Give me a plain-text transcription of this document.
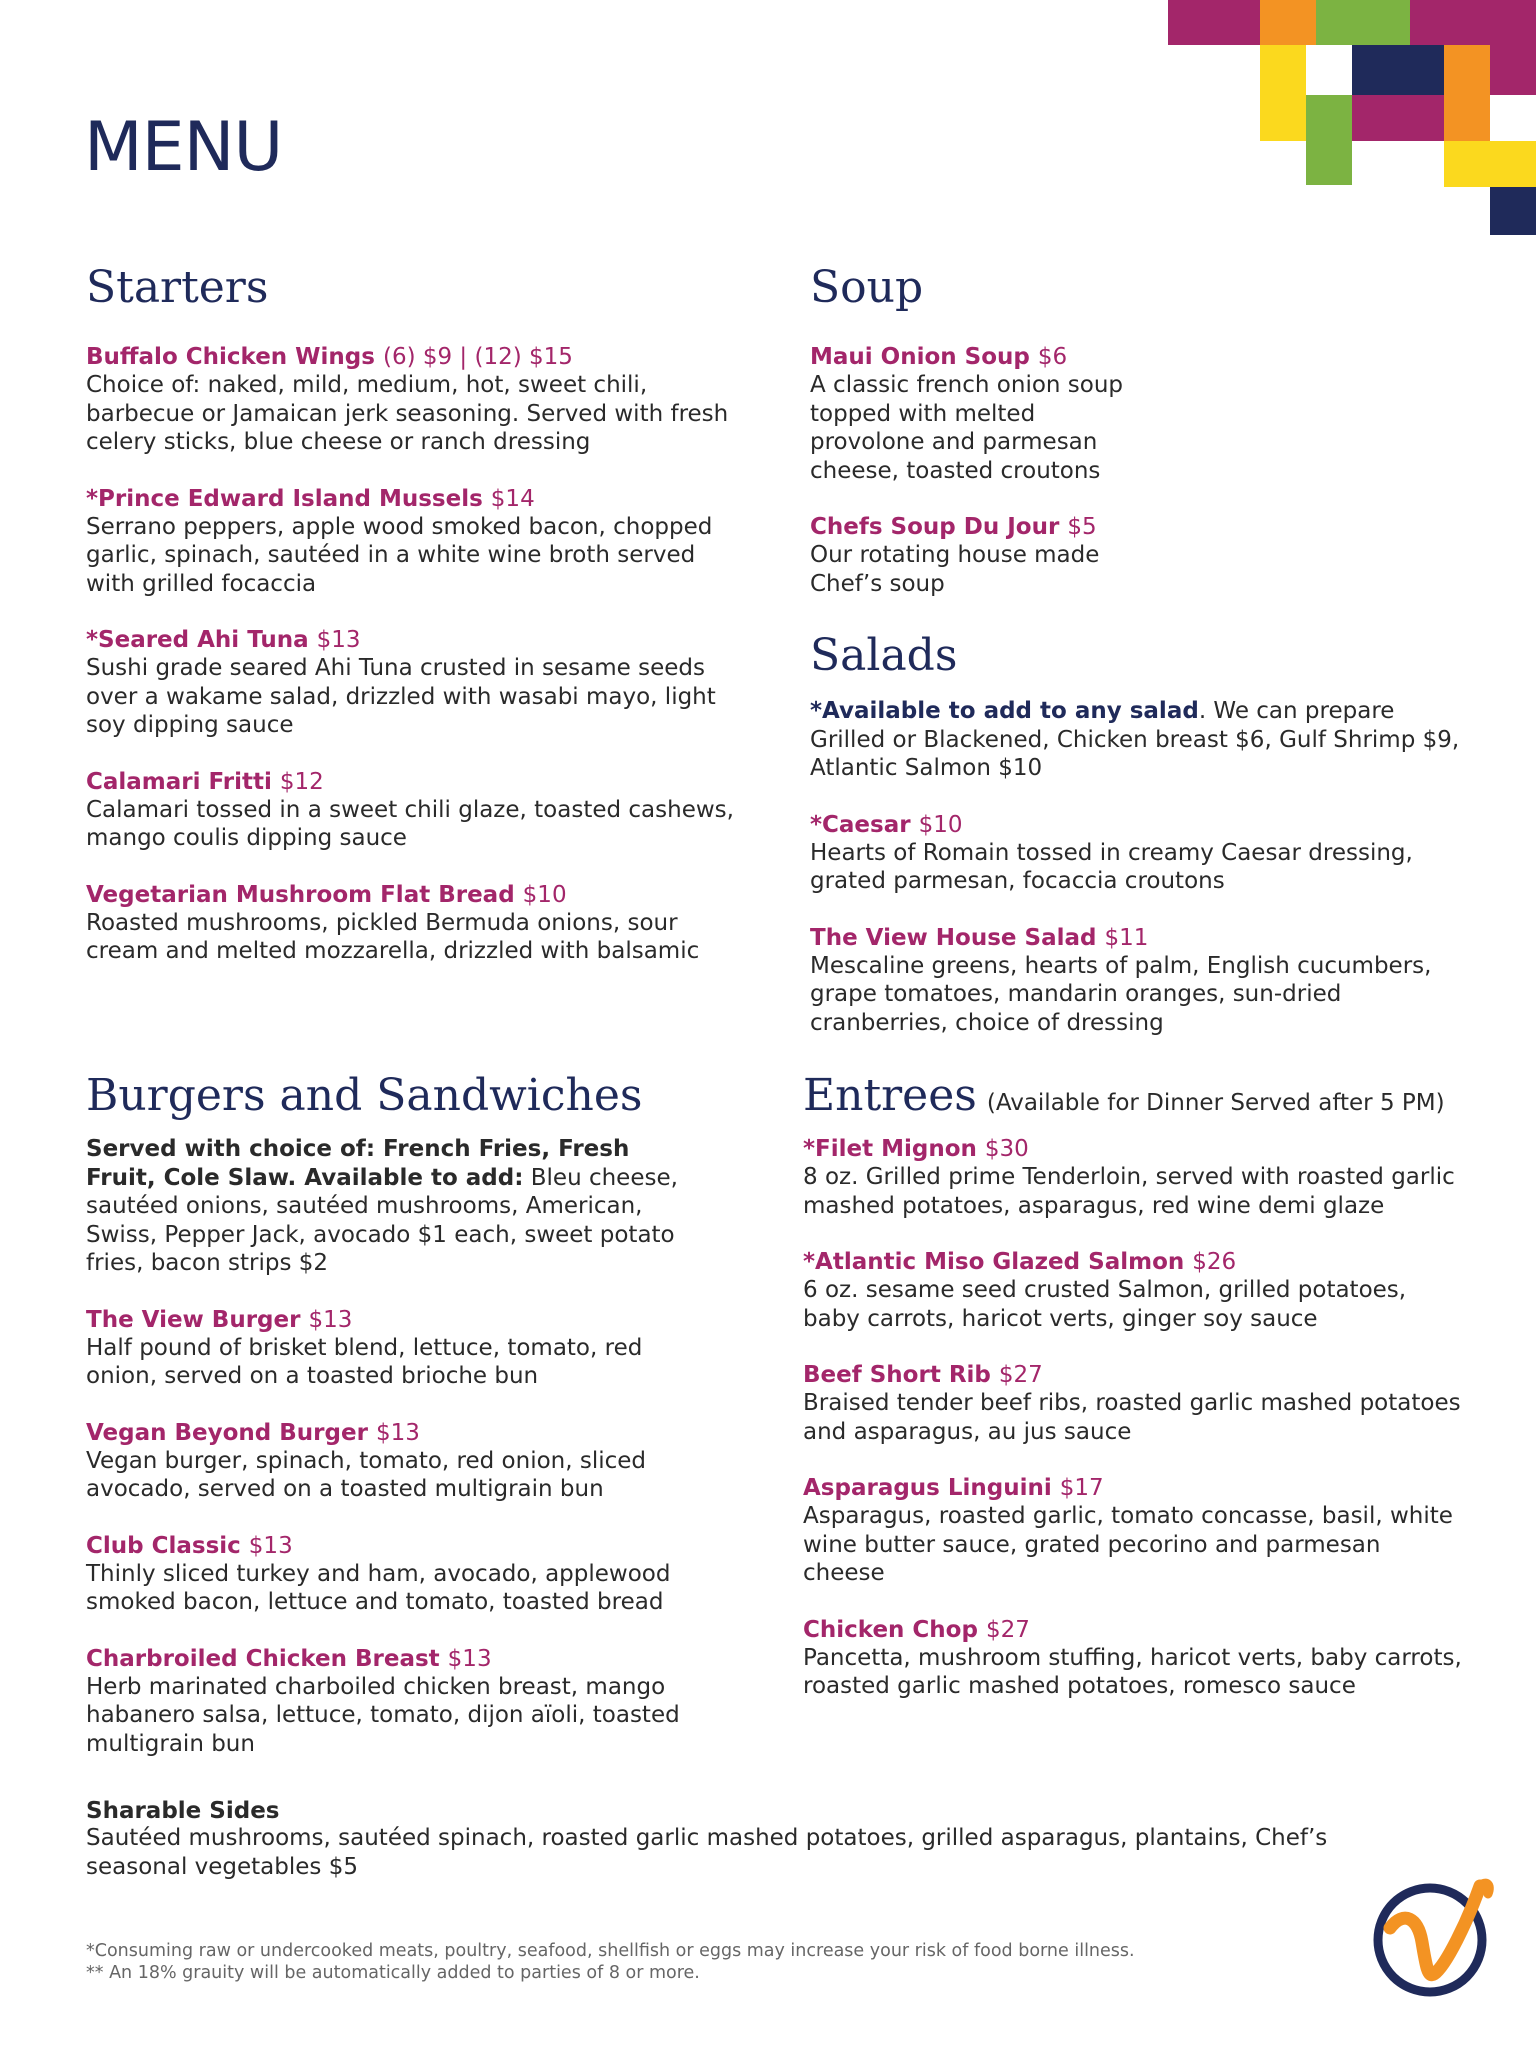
MENU
Starters
Buffalo Chicken Wings (6) $9 | (12) $15
Choice of: naked, mild, medium, hot, sweet chili, barbecue or Jamaican jerk seasoning. Served with fresh celery sticks, blue cheese or ranch dressing
*Prince Edward Island Mussels $14
Serrano peppers, apple wood smoked bacon, chopped garlic, spinach, sautéed in a white wine broth served with grilled focaccia
*Seared Ahi Tuna $13
Sushi grade seared Ahi Tuna crusted in sesame seeds over a wakame salad, drizzled with wasabi mayo, light soy dipping sauce
Calamari Fritti $12
Calamari tossed in a sweet chili glaze, toasted cashews, mango coulis dipping sauce
Vegetarian Mushroom Flat Bread $10
Roasted mushrooms, pickled Bermuda onions, sour cream and melted mozzarella, drizzled with balsamic
Soup
Maui Onion Soup $6
A classic french onion soup topped with melted provolone and parmesan cheese, toasted croutons
Chefs Soup Du Jour $5
Our rotating house made Chef’s soup
Salads
*Available to add to any salad. We can prepare Grilled or Blackened, Chicken breast $6, Gulf Shrimp $9, Atlantic Salmon $10
*Caesar $10
Hearts of Romain tossed in creamy Caesar dressing, grated parmesan, focaccia croutons
The View House Salad $11
Mescaline greens, hearts of palm, English cucumbers, grape tomatoes, mandarin oranges, sun-dried cranberries, choice of dressing
Burgers and Sandwiches
Served with choice of: French Fries, Fresh Fruit, Cole Slaw. Available to add: Bleu cheese, sautéed onions, sautéed mushrooms, American, Swiss, Pepper Jack, avocado $1 each, sweet potato fries, bacon strips $2
The View Burger $13
Half pound of brisket blend, lettuce, tomato, red onion, served on a toasted brioche bun
Vegan Beyond Burger $13
Vegan burger, spinach, tomato, red onion, sliced avocado, served on a toasted multigrain bun
Club Classic $13
Thinly sliced turkey and ham, avocado, applewood smoked bacon, lettuce and tomato, toasted bread
Charbroiled Chicken Breast $13
Herb marinated charboiled chicken breast, mango habanero salsa, lettuce, tomato, dijon aïoli, toasted multigrain bun
Entrees (Available for Dinner Served after 5 PM)
*Filet Mignon $30
8 oz. Grilled prime Tenderloin, served with roasted garlic mashed potatoes, asparagus, red wine demi glaze
*Atlantic Miso Glazed Salmon $26
6 oz. sesame seed crusted Salmon, grilled potatoes, baby carrots, haricot verts, ginger soy sauce
Beef Short Rib $27
Braised tender beef ribs, roasted garlic mashed potatoes and asparagus, au jus sauce
Asparagus Linguini $17
Asparagus, roasted garlic, tomato concasse, basil, white wine butter sauce, grated pecorino and parmesan cheese
Chicken Chop $27
Pancetta, mushroom stuffing, haricot verts, baby carrots, roasted garlic mashed potatoes, romesco sauce
Sharable Sides
Sautéed mushrooms, sautéed spinach, roasted garlic mashed potatoes, grilled asparagus, plantains, Chef’s seasonal vegetables $5
*Consuming raw or undercooked meats, poultry, seafood, shellfish or eggs may increase your risk of food borne illness.
** An 18% grauity will be automatically added to parties of 8 or more.
